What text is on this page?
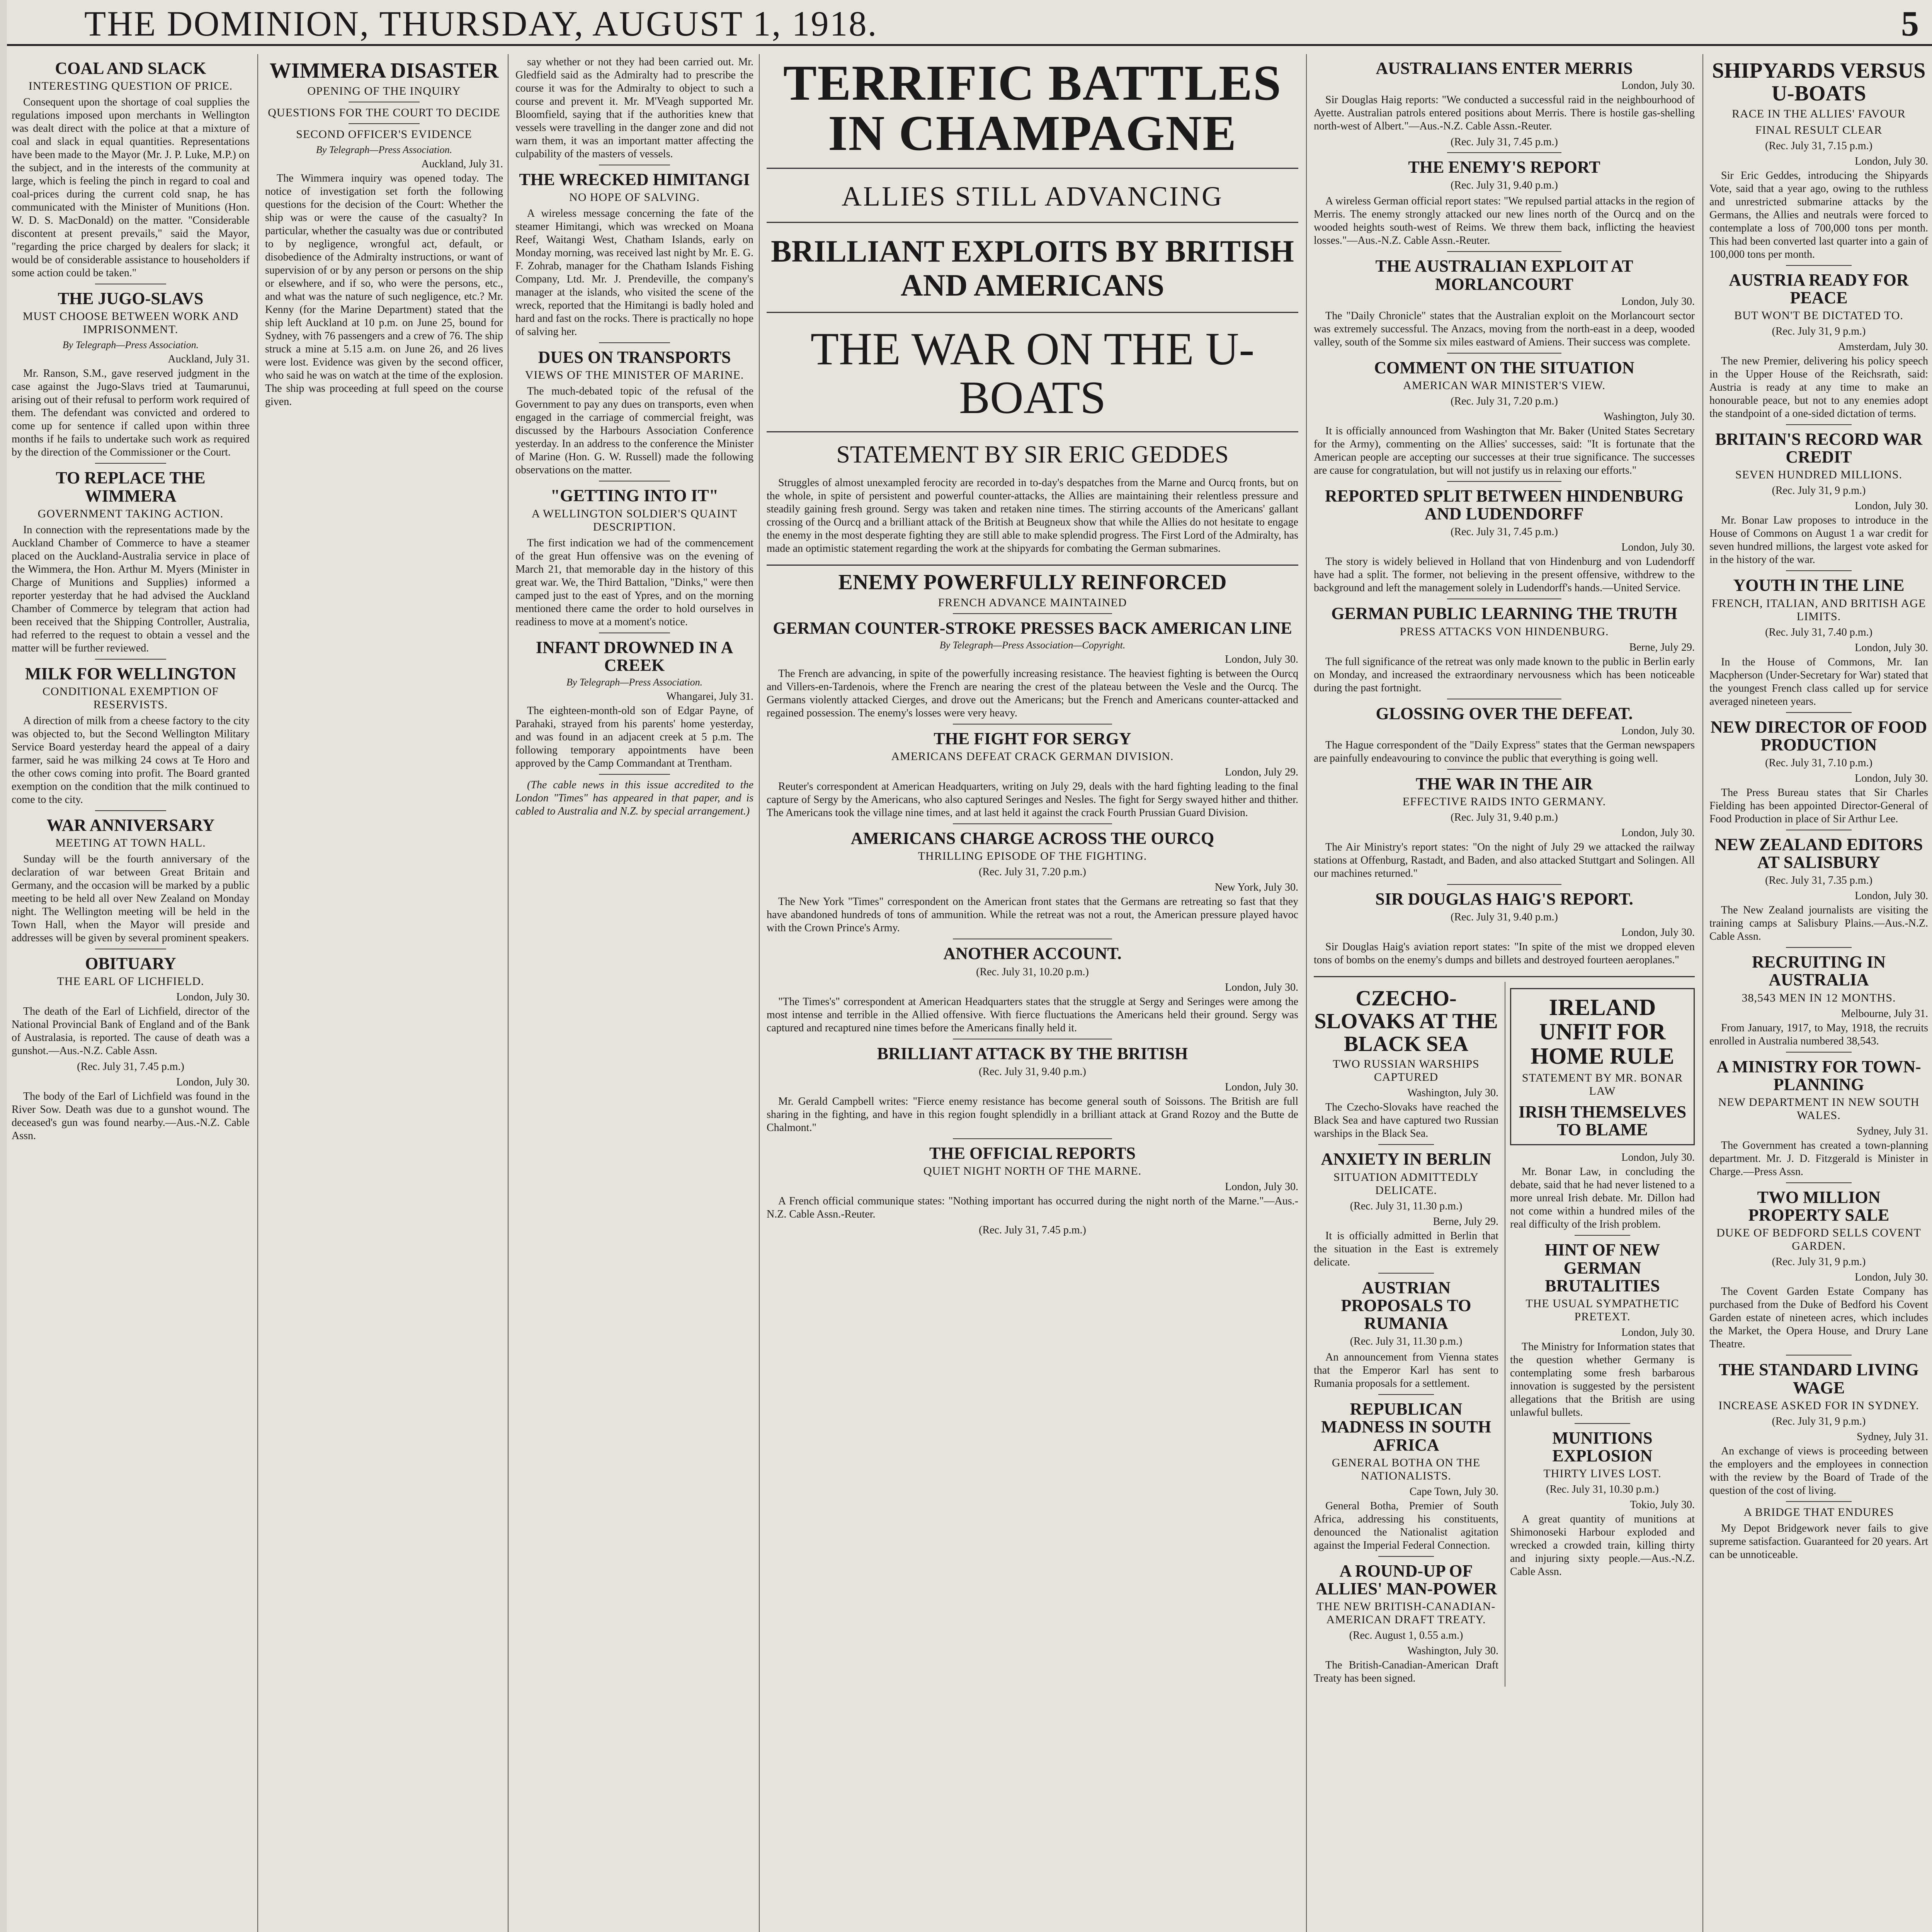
THE DOMINION, THURSDAY, AUGUST 1, 1918.	5
COAL AND SLACK
INTERESTING QUESTION OF PRICE.

Consequent upon the shortage of coal supplies the regulations imposed upon merchants in Wellington was dealt direct with the police at that a mixture of coal and slack in equal quantities. Representations have been made to the Mayor (Mr. J. P. Luke, M.P.) on the subject, and in the interests of the community at large, which is feeling the pinch in regard to coal and coal-prices during the current cold snap, he has communicated with the Minister of Munitions (Hon. W. D. S. MacDonald) on the matter. "Considerable discontent at present prevails," said the Mayor, "regarding the price charged by dealers for slack; it would be of considerable assistance to householders if some action could be taken."

THE JUGO-SLAVS
MUST CHOOSE BETWEEN WORK AND IMPRISONMENT.
By Telegraph—Press Association.
Auckland, July 31.

Mr. Ranson, S.M., gave reserved judgment in the case against the Jugo-Slavs tried at Taumarunui, arising out of their refusal to perform work required of them. The defendant was convicted and ordered to come up for sentence if called upon within three months if he fails to undertake such work as required by the direction of the Commissioner or the Court.

TO REPLACE THE WIMMERA
GOVERNMENT TAKING ACTION.

In connection with the representations made by the Auckland Chamber of Commerce to have a steamer placed on the Auckland-Australia service in place of the Wimmera, the Hon. Arthur M. Myers (Minister in Charge of Munitions and Supplies) informed a reporter yesterday that he had advised the Auckland Chamber of Commerce by telegram that action had been received that the Shipping Controller, Australia, had referred to the request to obtain a vessel and the matter will be further reviewed.

MILK FOR WELLINGTON
CONDITIONAL EXEMPTION OF RESERVISTS.

A direction of milk from a cheese factory to the city was objected to, but the Second Wellington Military Service Board yesterday heard the appeal of a dairy farmer, said he was milking 24 cows at Te Horo and the other cows coming into profit. The Board granted exemption on the condition that the milk continued to come to the city.

WAR ANNIVERSARY
MEETING AT TOWN HALL.

Sunday will be the fourth anniversary of the declaration of war between Great Britain and Germany, and the occasion will be marked by a public meeting to be held all over New Zealand on Monday night. The Wellington meeting will be held in the Town Hall, when the Mayor will preside and addresses will be given by several prominent speakers.

OBITUARY
THE EARL OF LICHFIELD.
London, July 30.

The death of the Earl of Lichfield, director of the National Provincial Bank of England and of the Bank of Australasia, is reported. The cause of death was a gunshot.—Aus.-N.Z. Cable Assn.

(Rec. July 31, 7.45 p.m.)
London, July 30.

The body of the Earl of Lichfield was found in the River Sow. Death was due to a gunshot wound. The deceased's gun was found nearby.—Aus.-N.Z. Cable Assn.

WIMMERA DISASTER
OPENING OF THE INQUIRY
QUESTIONS FOR THE COURT TO DECIDE
SECOND OFFICER'S EVIDENCE
By Telegraph—Press Association.
Auckland, July 31.

The Wimmera inquiry was opened today. The notice of investigation set forth the following questions for the decision of the Court: Whether the ship was or were the cause of the casualty? In particular, whether the casualty was due or contributed to by negligence, wrongful act, default, or disobedience of the Admiralty instructions, or want of supervision of or by any person or persons on the ship or elsewhere, and if so, who were the persons, etc., and what was the nature of such negligence, etc.? Mr. Kenny (for the Marine Department) stated that the ship left Auckland at 10 p.m. on June 25, bound for Sydney, with 76 passengers and a crew of 76. The ship struck a mine at 5.15 a.m. on June 26, and 26 lives were lost. Evidence was given by the second officer, who said he was on watch at the time of the explosion. The ship was proceeding at full speed on the course given.

say whether or not they had been carried out. Mr. Gledfield said as the Admiralty had to prescribe the course it was for the Admiralty to object to such a course and prevent it. Mr. M'Veagh supported Mr. Bloomfield, saying that if the authorities knew that vessels were travelling in the danger zone and did not warn them, it was an important matter affecting the culpability of the masters of vessels.

THE WRECKED HIMITANGI
NO HOPE OF SALVING.

A wireless message concerning the fate of the steamer Himitangi, which was wrecked on Moana Reef, Waitangi West, Chatham Islands, early on Monday morning, was received last night by Mr. E. G. F. Zohrab, manager for the Chatham Islands Fishing Company, Ltd. Mr. J. Prendeville, the company's manager at the islands, who visited the scene of the wreck, reported that the Himitangi is badly holed and hard and fast on the rocks. There is practically no hope of salving her.

DUES ON TRANSPORTS
VIEWS OF THE MINISTER OF MARINE.

The much-debated topic of the refusal of the Government to pay any dues on transports, even when engaged in the carriage of commercial freight, was discussed by the Harbours Association Conference yesterday. In an address to the conference the Minister of Marine (Hon. G. W. Russell) made the following observations on the matter.

"GETTING INTO IT"
A WELLINGTON SOLDIER'S QUAINT DESCRIPTION.

The first indication we had of the commencement of the great Hun offensive was on the evening of March 21, that memorable day in the history of this great war. We, the Third Battalion, "Dinks," were then camped just to the east of Ypres, and on the morning mentioned there came the order to hold ourselves in readiness to move at a moment's notice.

INFANT DROWNED IN A CREEK
By Telegraph—Press Association.
Whangarei, July 31.

The eighteen-month-old son of Edgar Payne, of Parahaki, strayed from his parents' home yesterday, and was found in an adjacent creek at 5 p.m. The following temporary appointments have been approved by the Camp Commandant at Trentham.

(The cable news in this issue accredited to the London "Times" has appeared in that paper, and is cabled to Australia and N.Z. by special arrangement.)

TERRIFIC BATTLES IN CHAMPAGNE
ALLIES STILL ADVANCING
BRILLIANT EXPLOITS BY BRITISH AND AMERICANS
THE WAR ON THE U-BOATS
STATEMENT BY SIR ERIC GEDDES

Struggles of almost unexampled ferocity are recorded in to-day's despatches from the Marne and Ourcq fronts, but on the whole, in spite of persistent and powerful counter-attacks, the Allies are maintaining their relentless pressure and steadily gaining fresh ground. Sergy was taken and retaken nine times. The stirring accounts of the Americans' gallant crossing of the Ourcq and a brilliant attack of the British at Beugneux show that while the Allies do not hesitate to engage the enemy in the most desperate fighting they are still able to make splendid progress. The First Lord of the Admiralty, has made an optimistic statement regarding the work at the shipyards for combating the German submarines.

ENEMY POWERFULLY REINFORCED
FRENCH ADVANCE MAINTAINED
GERMAN COUNTER-STROKE PRESSES BACK AMERICAN LINE
By Telegraph—Press Association—Copyright.
London, July 30.

The French are advancing, in spite of the powerfully increasing resistance. The heaviest fighting is between the Ourcq and Villers-en-Tardenois, where the French are nearing the crest of the plateau between the Vesle and the Ourcq. The Germans violently attacked Cierges, and drove out the Americans; but the French and Americans counter-attacked and regained possession. The enemy's losses were very heavy.

THE FIGHT FOR SERGY
AMERICANS DEFEAT CRACK GERMAN DIVISION.
London, July 29.

Reuter's correspondent at American Headquarters, writing on July 29, deals with the hard fighting leading to the final capture of Sergy by the Americans, who also captured Seringes and Nesles. The fight for Sergy swayed hither and thither. The Americans took the village nine times, and at last held it against the crack Fourth Prussian Guard Division.

AMERICANS CHARGE ACROSS THE OURCQ
THRILLING EPISODE OF THE FIGHTING.
(Rec. July 31, 7.20 p.m.)
New York, July 30.

The New York "Times" correspondent on the American front states that the Germans are retreating so fast that they have abandoned hundreds of tons of ammunition. While the retreat was not a rout, the American pressure played havoc with the Crown Prince's Army.

ANOTHER ACCOUNT.
(Rec. July 31, 10.20 p.m.)
London, July 30.

"The Times's" correspondent at American Headquarters states that the struggle at Sergy and Seringes were among the most intense and terrible in the Allied offensive. With fierce fluctuations the Americans held their ground. Sergy was captured and recaptured nine times before the Americans finally held it.

BRILLIANT ATTACK BY THE BRITISH
(Rec. July 31, 9.40 p.m.)
London, July 30.

Mr. Gerald Campbell writes: "Fierce enemy resistance has become general south of Soissons. The British are full sharing in the fighting, and have in this region fought splendidly in a brilliant attack at Grand Rozoy and the Butte de Chalmont."

THE OFFICIAL REPORTS
QUIET NIGHT NORTH OF THE MARNE.
London, July 30.

A French official communique states: "Nothing important has occurred during the night north of the Marne."—Aus.-N.Z. Cable Assn.-Reuter.

(Rec. July 31, 7.45 p.m.)
AUSTRALIANS ENTER MERRIS
London, July 30.

Sir Douglas Haig reports: "We conducted a successful raid in the neighbourhood of Ayette. Australian patrols entered positions about Merris. There is hostile gas-shelling north-west of Albert."—Aus.-N.Z. Cable Assn.-Reuter.

(Rec. July 31, 7.45 p.m.)
THE ENEMY'S REPORT
(Rec. July 31, 9.40 p.m.)

A wireless German official report states: "We repulsed partial attacks in the region of Merris. The enemy strongly attacked our new lines north of the Ourcq and on the wooded heights south-west of Reims. We threw them back, inflicting the heaviest losses."—Aus.-N.Z. Cable Assn.-Reuter.

THE AUSTRALIAN EXPLOIT AT MORLANCOURT
London, July 30.

The "Daily Chronicle" states that the Australian exploit on the Morlancourt sector was extremely successful. The Anzacs, moving from the north-east in a deep, wooded valley, south of the Somme six miles eastward of Amiens. Their success was complete.

COMMENT ON THE SITUATION
AMERICAN WAR MINISTER'S VIEW.
(Rec. July 31, 7.20 p.m.)
Washington, July 30.

It is officially announced from Washington that Mr. Baker (United States Secretary for the Army), commenting on the Allies' successes, said: "It is fortunate that the American people are accepting our successes at their true significance. The successes are cause for congratulation, but will not justify us in relaxing our efforts."

REPORTED SPLIT BETWEEN HINDENBURG AND LUDENDORFF
(Rec. July 31, 7.45 p.m.)
London, July 30.

The story is widely believed in Holland that von Hindenburg and von Ludendorff have had a split. The former, not believing in the present offensive, withdrew to the background and left the management solely in Ludendorff's hands.—United Service.

GERMAN PUBLIC LEARNING THE TRUTH
PRESS ATTACKS VON HINDENBURG.
Berne, July 29.

The full significance of the retreat was only made known to the public in Berlin early on Monday, and increased the extraordinary nervousness which has been noticeable during the past fortnight.

GLOSSING OVER THE DEFEAT.
London, July 30.

The Hague correspondent of the "Daily Express" states that the German newspapers are painfully endeavouring to convince the public that everything is going well.

THE WAR IN THE AIR
EFFECTIVE RAIDS INTO GERMANY.
(Rec. July 31, 9.40 p.m.)
London, July 30.

The Air Ministry's report states: "On the night of July 29 we attacked the railway stations at Offenburg, Rastadt, and Baden, and also attacked Stuttgart and Solingen. All our machines returned."

SIR DOUGLAS HAIG'S REPORT.
(Rec. July 31, 9.40 p.m.)
London, July 30.

Sir Douglas Haig's aviation report states: "In spite of the mist we dropped eleven tons of bombs on the enemy's dumps and billets and destroyed fourteen aeroplanes."

CZECHO-SLOVAKS AT THE BLACK SEA
TWO RUSSIAN WARSHIPS CAPTURED
Washington, July 30.

The Czecho-Slovaks have reached the Black Sea and have captured two Russian warships in the Black Sea.

ANXIETY IN BERLIN
SITUATION ADMITTEDLY DELICATE.
(Rec. July 31, 11.30 p.m.)
Berne, July 29.

It is officially admitted in Berlin that the situation in the East is extremely delicate.

AUSTRIAN PROPOSALS TO RUMANIA
(Rec. July 31, 11.30 p.m.)

An announcement from Vienna states that the Emperor Karl has sent to Rumania proposals for a settlement.

REPUBLICAN MADNESS IN SOUTH AFRICA
GENERAL BOTHA ON THE NATIONALISTS.
Cape Town, July 30.

General Botha, Premier of South Africa, addressing his constituents, denounced the Nationalist agitation against the Imperial Federal Connection.

A ROUND-UP OF ALLIES' MAN-POWER
THE NEW BRITISH-CANADIAN-AMERICAN DRAFT TREATY.
(Rec. August 1, 0.55 a.m.)
Washington, July 30.

The British-Canadian-American Draft Treaty has been signed.

IRELAND UNFIT FOR HOME RULE
STATEMENT BY MR. BONAR LAW
IRISH THEMSELVES TO BLAME
London, July 30.

Mr. Bonar Law, in concluding the debate, said that he had never listened to a more unreal Irish debate. Mr. Dillon had not come within a hundred miles of the real difficulty of the Irish problem.

HINT OF NEW GERMAN BRUTALITIES
THE USUAL SYMPATHETIC PRETEXT.
London, July 30.

The Ministry for Information states that the question whether Germany is contemplating some fresh barbarous innovation is suggested by the persistent allegations that the British are using unlawful bullets.

MUNITIONS EXPLOSION
THIRTY LIVES LOST.
(Rec. July 31, 10.30 p.m.)
Tokio, July 30.

A great quantity of munitions at Shimonoseki Harbour exploded and wrecked a crowded train, killing thirty and injuring sixty people.—Aus.-N.Z. Cable Assn.

SHIPYARDS VERSUS U-BOATS
RACE IN THE ALLIES' FAVOUR
FINAL RESULT CLEAR
(Rec. July 31, 7.15 p.m.)
London, July 30.

Sir Eric Geddes, introducing the Shipyards Vote, said that a year ago, owing to the ruthless and unrestricted submarine attacks by the Germans, the Allies and neutrals were forced to contemplate a loss of 700,000 tons per month. This had been converted last quarter into a gain of 100,000 tons per month.

AUSTRIA READY FOR PEACE
BUT WON'T BE DICTATED TO.
(Rec. July 31, 9 p.m.)
Amsterdam, July 30.

The new Premier, delivering his policy speech in the Upper House of the Reichsrath, said: Austria is ready at any time to make an honourable peace, but not to any enemies adopt the standpoint of a one-sided dictation of terms.

BRITAIN'S RECORD WAR CREDIT
SEVEN HUNDRED MILLIONS.
(Rec. July 31, 9 p.m.)
London, July 30.

Mr. Bonar Law proposes to introduce in the House of Commons on August 1 a war credit for seven hundred millions, the largest vote asked for in the history of the war.

YOUTH IN THE LINE
FRENCH, ITALIAN, AND BRITISH AGE LIMITS.
(Rec. July 31, 7.40 p.m.)
London, July 30.

In the House of Commons, Mr. Ian Macpherson (Under-Secretary for War) stated that the youngest French class called up for service averaged nineteen years.

NEW DIRECTOR OF FOOD PRODUCTION
(Rec. July 31, 7.10 p.m.)
London, July 30.

The Press Bureau states that Sir Charles Fielding has been appointed Director-General of Food Production in place of Sir Arthur Lee.

NEW ZEALAND EDITORS AT SALISBURY
(Rec. July 31, 7.35 p.m.)
London, July 30.

The New Zealand journalists are visiting the training camps at Salisbury Plains.—Aus.-N.Z. Cable Assn.

RECRUITING IN AUSTRALIA
38,543 MEN IN 12 MONTHS.
Melbourne, July 31.

From January, 1917, to May, 1918, the recruits enrolled in Australia numbered 38,543.

A MINISTRY FOR TOWN-PLANNING
NEW DEPARTMENT IN NEW SOUTH WALES.
Sydney, July 31.

The Government has created a town-planning department. Mr. J. D. Fitzgerald is Minister in Charge.—Press Assn.

TWO MILLION PROPERTY SALE
DUKE OF BEDFORD SELLS COVENT GARDEN.
(Rec. July 31, 9 p.m.)
London, July 30.

The Covent Garden Estate Company has purchased from the Duke of Bedford his Covent Garden estate of nineteen acres, which includes the Market, the Opera House, and Drury Lane Theatre.

THE STANDARD LIVING WAGE
INCREASE ASKED FOR IN SYDNEY.
(Rec. July 31, 9 p.m.)
Sydney, July 31.

An exchange of views is proceeding between the employers and the employees in connection with the review by the Board of Trade of the question of the cost of living.

A BRIDGE THAT ENDURES

My Depot Bridgework never fails to give supreme satisfaction. Guaranteed for 20 years. Art can be unnoticeable.
